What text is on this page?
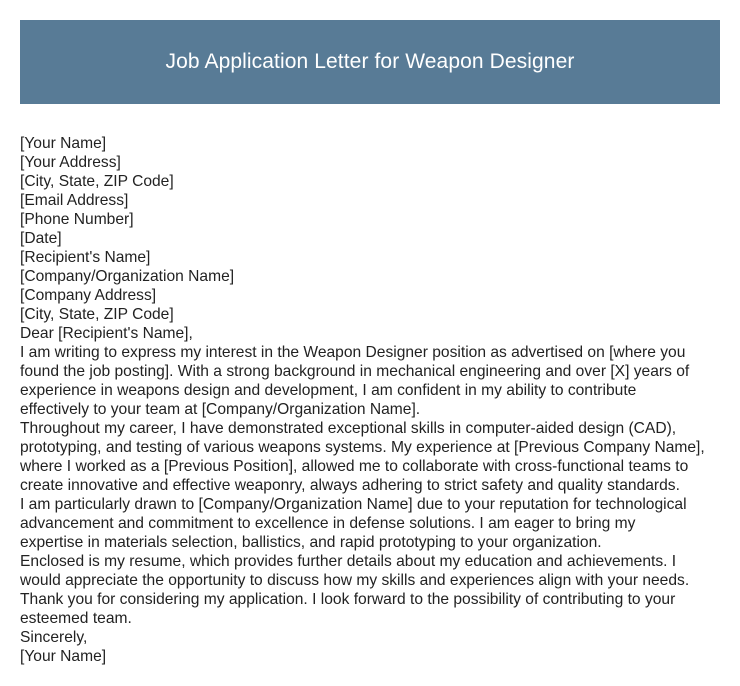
Job Application Letter for Weapon Designer
[Your Name]
[Your Address]
[City, State, ZIP Code]
[Email Address]
[Phone Number]
[Date]
[Recipient's Name]
[Company/Organization Name]
[Company Address]
[City, State, ZIP Code]
Dear [Recipient's Name],
I am writing to express my interest in the Weapon Designer position as advertised on [where you
found the job posting]. With a strong background in mechanical engineering and over [X] years of
experience in weapons design and development, I am confident in my ability to contribute
effectively to your team at [Company/Organization Name].
Throughout my career, I have demonstrated exceptional skills in computer-aided design (CAD),
prototyping, and testing of various weapons systems. My experience at [Previous Company Name],
where I worked as a [Previous Position], allowed me to collaborate with cross-functional teams to
create innovative and effective weaponry, always adhering to strict safety and quality standards.
I am particularly drawn to [Company/Organization Name] due to your reputation for technological
advancement and commitment to excellence in defense solutions. I am eager to bring my
expertise in materials selection, ballistics, and rapid prototyping to your organization.
Enclosed is my resume, which provides further details about my education and achievements. I
would appreciate the opportunity to discuss how my skills and experiences align with your needs.
Thank you for considering my application. I look forward to the possibility of contributing to your
esteemed team.
Sincerely,
[Your Name]
